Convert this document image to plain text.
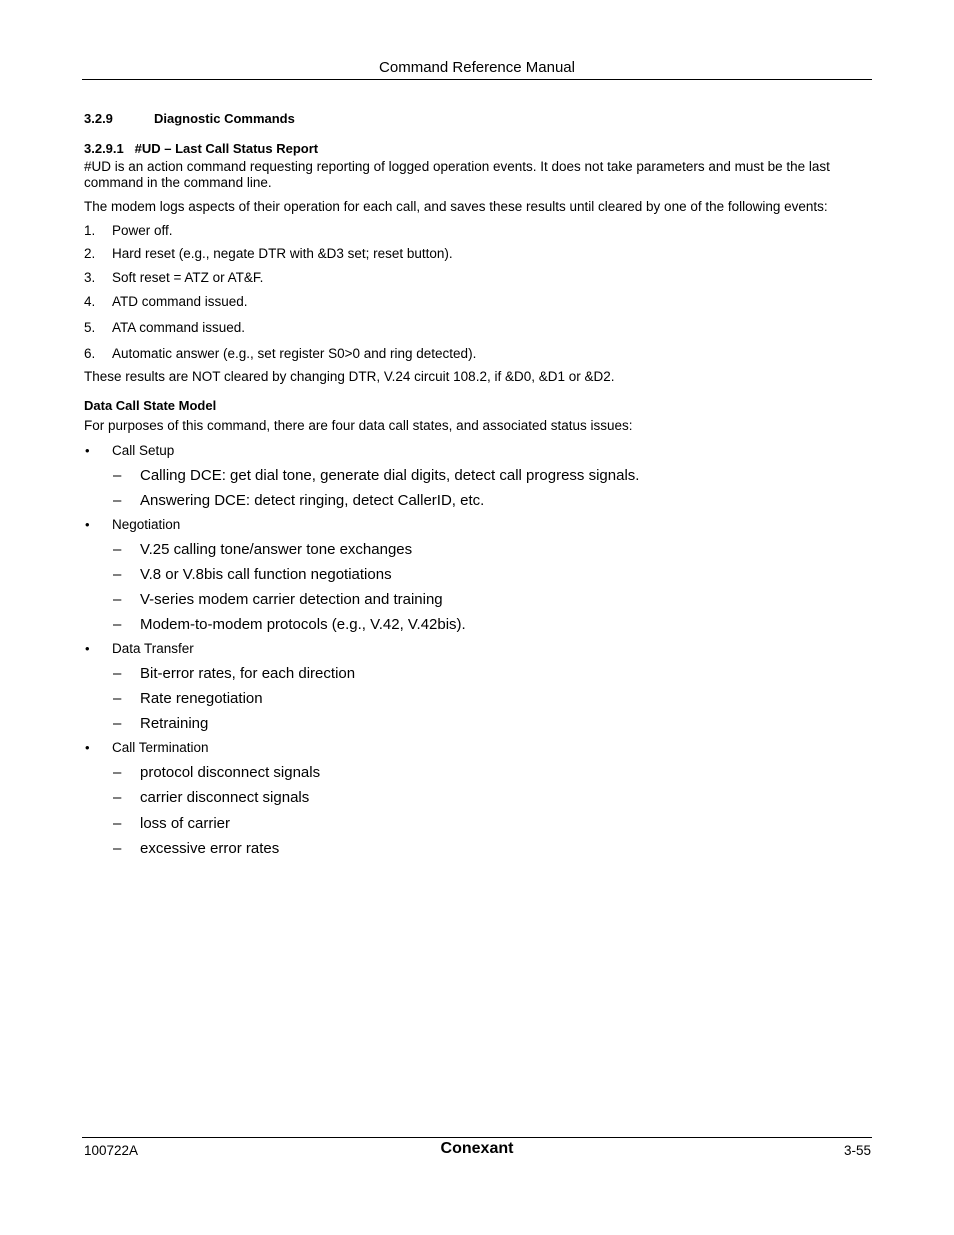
Command Reference Manual
3.2.9	Diagnostic Commands
3.2.9.1 #UD – Last Call Status Report
#UD is an action command requesting reporting of logged operation events. It does not take parameters and must be the last command in the command line.
The modem logs aspects of their operation for each call, and saves these results until cleared by one of the following events:
1. Power off.
2. Hard reset (e.g., negate DTR with &D3 set; reset button).
3. Soft reset = ATZ or AT&F.
4. ATD command issued.
5. ATA command issued.
6. Automatic answer (e.g., set register S0>0 and ring detected).
These results are NOT cleared by changing DTR, V.24 circuit 108.2, if &D0, &D1 or &D2.
Data Call State Model
For purposes of this command, there are four data call states, and associated status issues:
• Call Setup
– Calling DCE: get dial tone, generate dial digits, detect call progress signals.
– Answering DCE: detect ringing, detect CallerID, etc.
• Negotiation
– V.25 calling tone/answer tone exchanges
– V.8 or V.8bis call function negotiations
– V-series modem carrier detection and training
– Modem-to-modem protocols (e.g., V.42, V.42bis).
• Data Transfer
– Bit-error rates, for each direction
– Rate renegotiation
– Retraining
• Call Termination
– protocol disconnect signals
– carrier disconnect signals
– loss of carrier
– excessive error rates
100722A	Conexant	3-55
